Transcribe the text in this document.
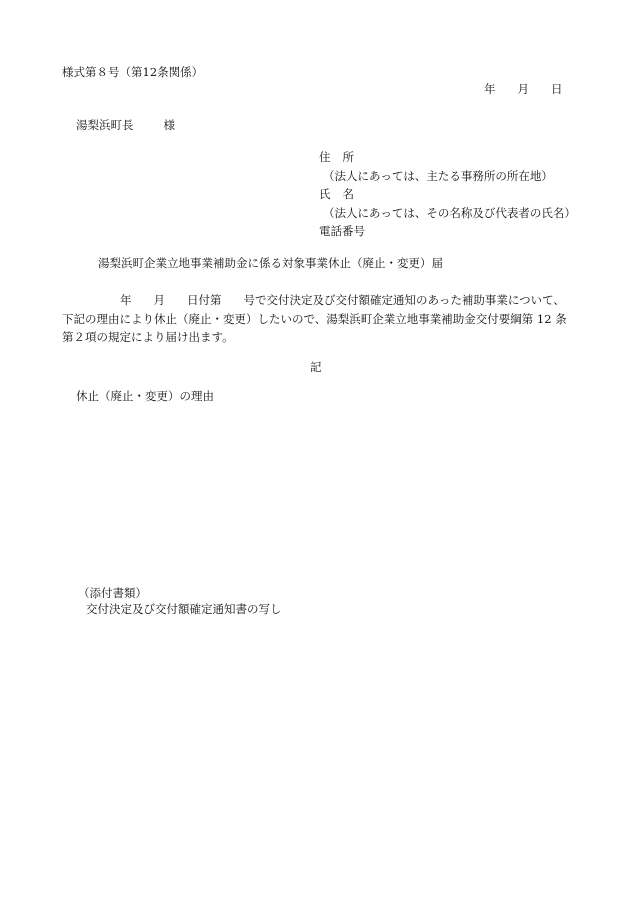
様式第８号（第12条関係）
年 月 日
湯梨浜町長	様
住 所
（法人にあっては、主たる事務所の所在地）
氏 名
（法人にあっては、その名称及び代表者の氏名）
電話番号
湯梨浜町企業立地事業補助金に係る対象事業休止（廃止・変更）届
年 月 日付第 号で交付決定及び交付額確定通知のあった補助事業について、
下記の理由により休止（廃止・変更）したいので、湯梨浜町企業立地事業補助金交付要綱第 12 条
第２項の規定により届け出ます。
記
休止（廃止・変更）の理由
（添付書類）
交付決定及び交付額確定通知書の写し
